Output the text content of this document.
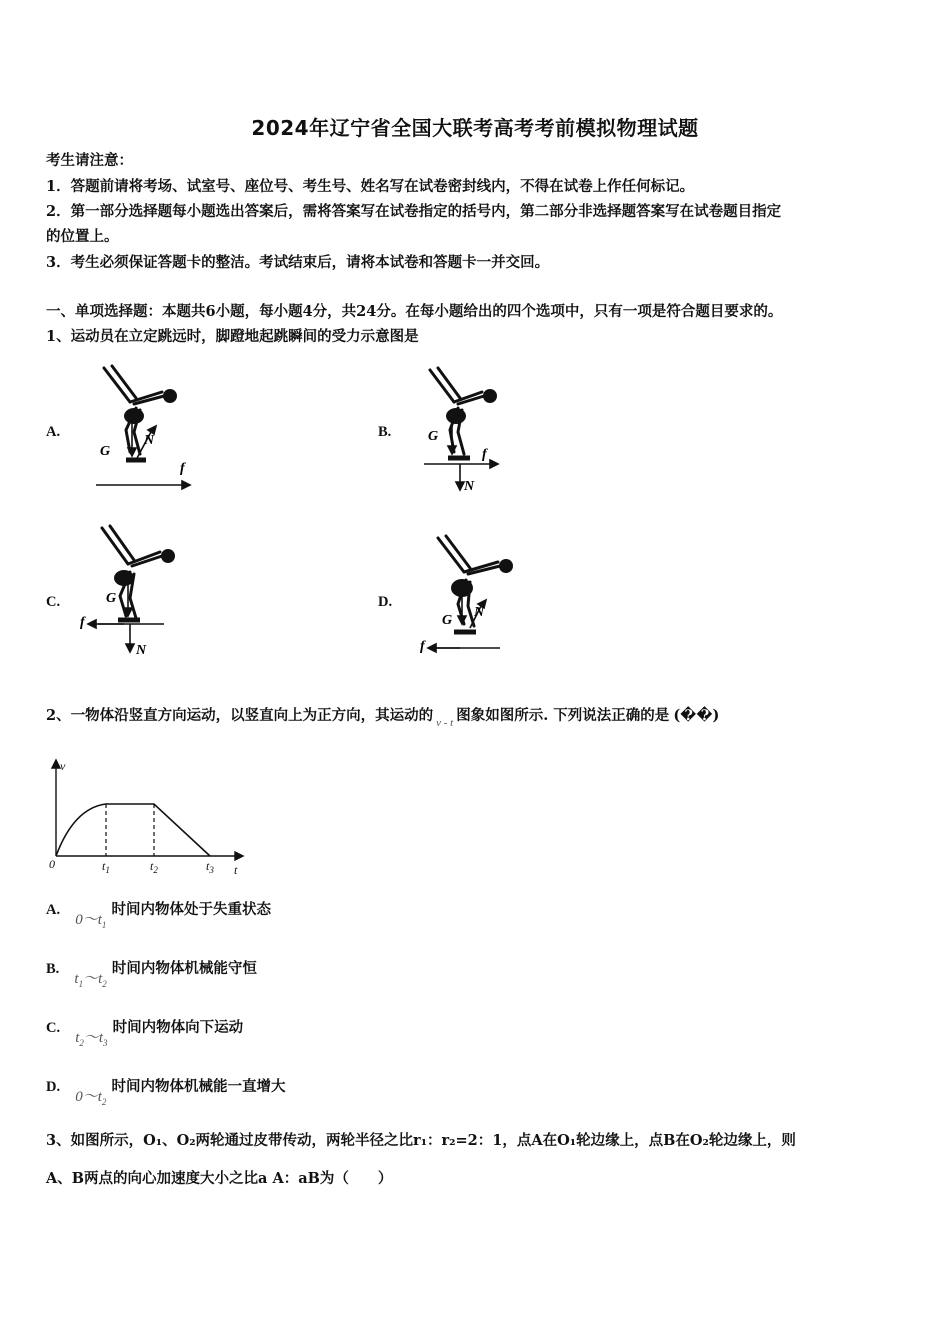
2024年辽宁省全国大联考高考考前模拟物理试题
考生请注意：
1．答题前请将考场、试室号、座位号、考生号、姓名写在试卷密封线内，不得在试卷上作任何标记。
2．第一部分选择题每小题选出答案后，需将答案写在试卷指定的括号内，第二部分非选择题答案写在试卷题目指定
的位置上。
3．考生必须保证答题卡的整洁。考试结束后，请将本试卷和答题卡一并交回。
一、单项选择题：本题共6小题，每小题4分，共24分。在每小题给出的四个选项中，只有一项是符合题目要求的。
1、运动员在立定跳远时，脚蹬地起跳瞬间的受力示意图是
A.	B.
C.	D.
G
N
f
G
f
N
G
f
N
G
N
f
2、一物体沿竖直方向运动，以竖直向上为正方向，其运动的 $_{v - t}$ 图象如图所示. 下列说法正确的是 (��)
v
t
0	$t_1$	$t_2$	$t_3$
A. $0\sim t_1$ 时间内物体处于失重状态
B. $t_1\sim t_2$ 时间内物体机械能守恒
C. $t_2\sim t_3$ 时间内物体向下运动
D. $0\sim t_2$ 时间内物体机械能一直增大
3、如图所示，O₁、O₂两轮通过皮带传动，两轮半径之比r₁：r₂=2：1，点A在O₁轮边缘上，点B在O₂轮边缘上，则
A、B两点的向心加速度大小之比a A：aB为（　　）
